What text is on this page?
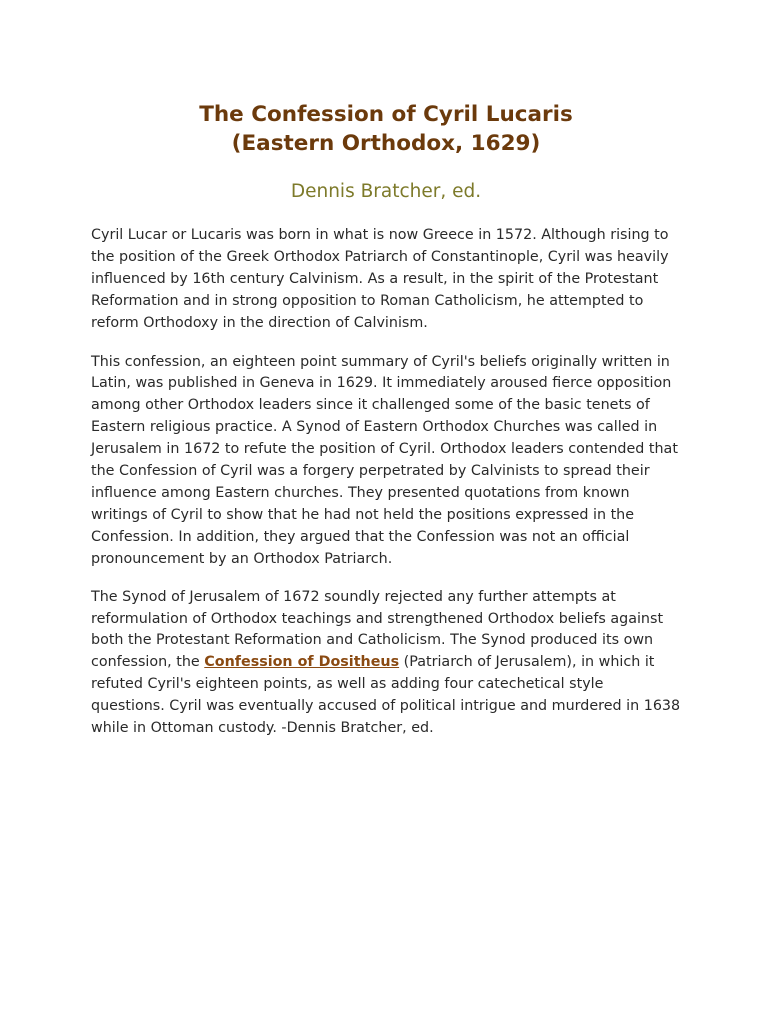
The Confession of Cyril Lucaris
(Eastern Orthodox, 1629)
Dennis Bratcher, ed.

Cyril Lucar or Lucaris was born in what is now Greece in 1572. Although rising to the position of the Greek Orthodox Patriarch of Constantinople, Cyril was heavily influenced by 16th century Calvinism. As a result, in the spirit of the Protestant Reformation and in strong opposition to Roman Catholicism, he attempted to reform Orthodoxy in the direction of Calvinism.

This confession, an eighteen point summary of Cyril's beliefs originally written in Latin, was published in Geneva in 1629. It immediately aroused fierce opposition among other Orthodox leaders since it challenged some of the basic tenets of Eastern religious practice. A Synod of Eastern Orthodox Churches was called in Jerusalem in 1672 to refute the position of Cyril. Orthodox leaders contended that the Confession of Cyril was a forgery perpetrated by Calvinists to spread their influence among Eastern churches. They presented quotations from known writings of Cyril to show that he had not held the positions expressed in the Confession. In addition, they argued that the Confession was not an official pronouncement by an Orthodox Patriarch.

The Synod of Jerusalem of 1672 soundly rejected any further attempts at reformulation of Orthodox teachings and strengthened Orthodox beliefs against both the Protestant Reformation and Catholicism. The Synod produced its own confession, the Confession of Dositheus (Patriarch of Jerusalem), in which it refuted Cyril's eighteen points, as well as adding four catechetical style questions. Cyril was eventually accused of political intrigue and murdered in 1638 while in Ottoman custody. -Dennis Bratcher, ed.
